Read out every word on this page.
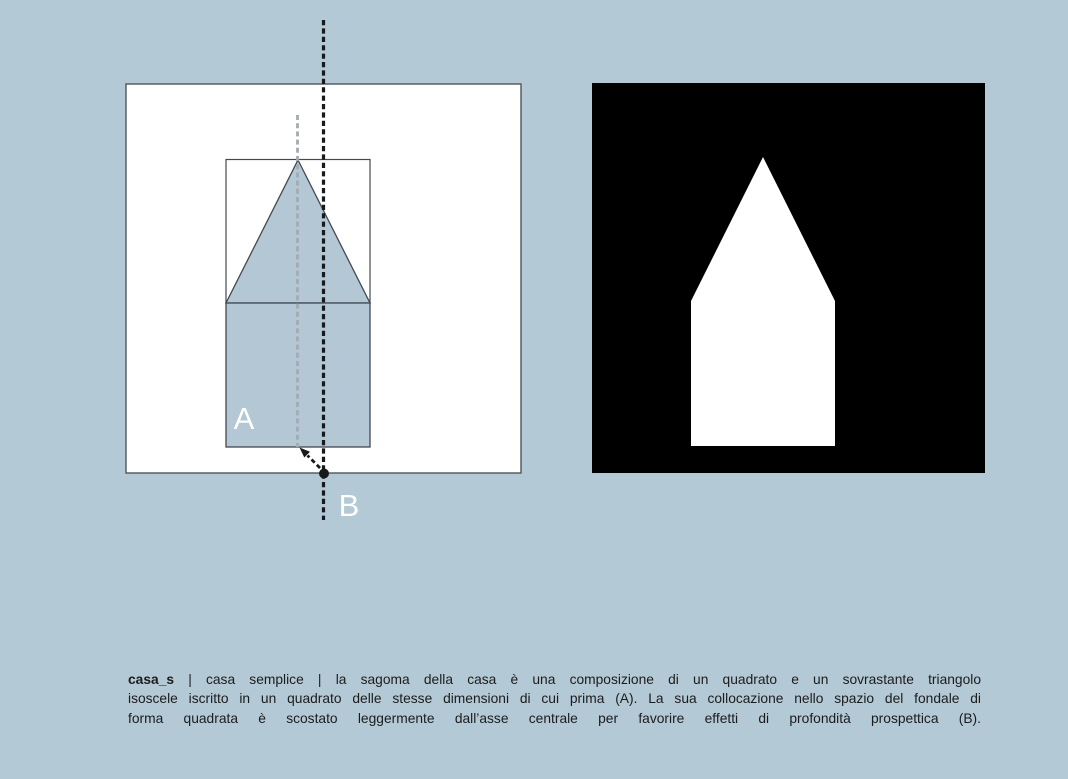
A
B
casa_s | casa semplice | la sagoma della casa è una composizione di un quadrato e un sovrastante triangolo
isoscele iscritto in un quadrato delle stesse dimensioni di cui prima (A). La sua collocazione nello spazio del fondale di
forma quadrata è scostato leggermente dall’asse centrale per favorire effetti di profondità prospettica (B).
